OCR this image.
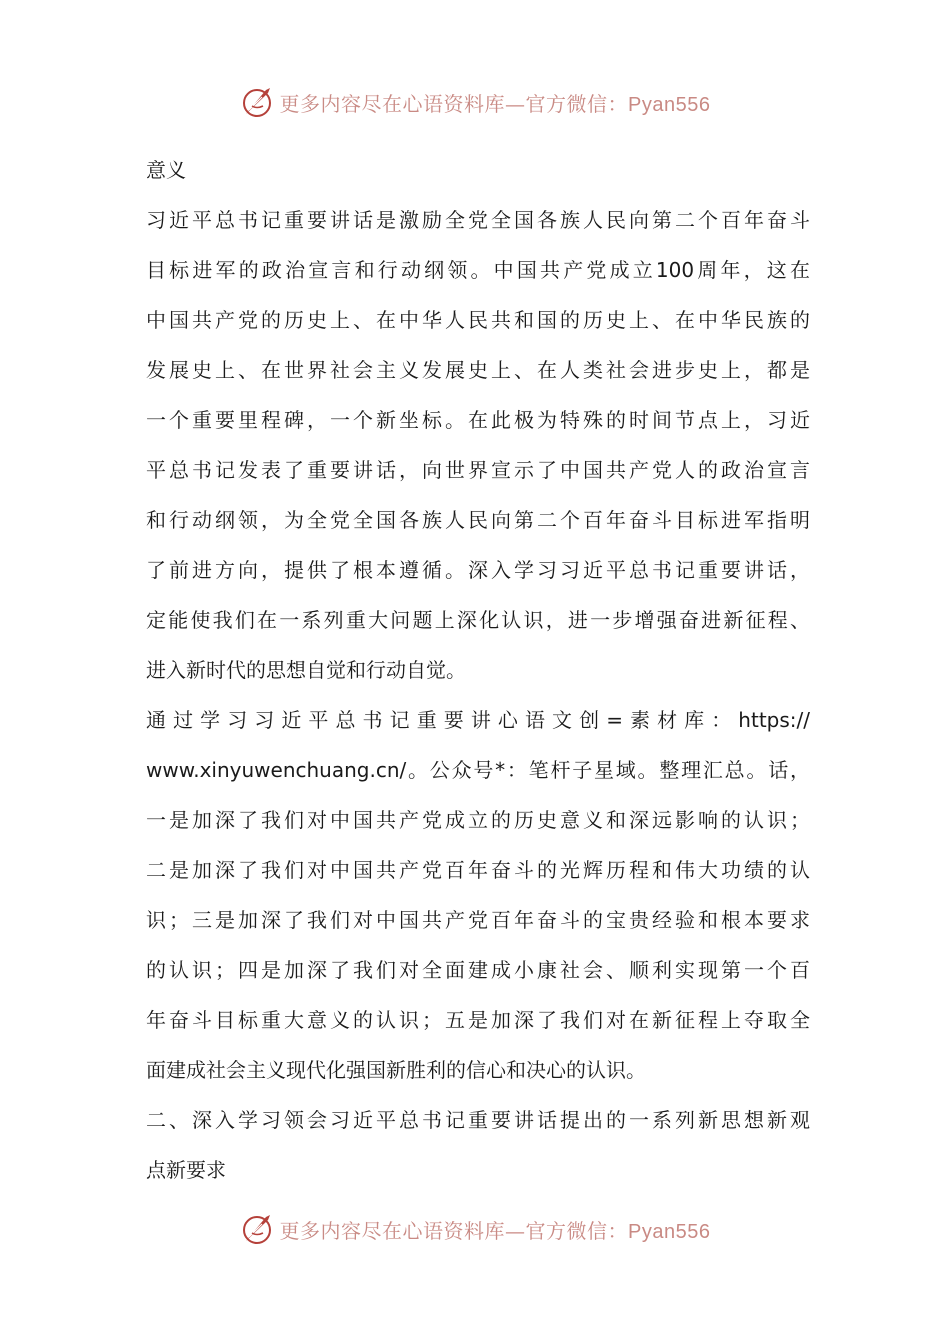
更多内容尽在心语资料库—官方微信：Pyan556
意义
习近平总书记重要讲话是激励全党全国各族人民向第二个百年奋斗
目标进军的政治宣言和行动纲领。中国共产党成立100周年，这在
中国共产党的历史上、在中华人民共和国的历史上、在中华民族的
发展史上、在世界社会主义发展史上、在人类社会进步史上，都是
一个重要里程碑，一个新坐标。在此极为特殊的时间节点上，习近
平总书记发表了重要讲话，向世界宣示了中国共产党人的政治宣言
和行动纲领，为全党全国各族人民向第二个百年奋斗目标进军指明
了前进方向，提供了根本遵循。深入学习习近平总书记重要讲话，
定能使我们在一系列重大问题上深化认识，进一步增强奋进新征程、
进入新时代的思想自觉和行动自觉。
通过学习习近平总书记重要讲心语文创=素材库：https://
www.xinyuwenchuang.cn/。公众号*：笔杆子星域。整理汇总。话，
一是加深了我们对中国共产党成立的历史意义和深远影响的认识；
二是加深了我们对中国共产党百年奋斗的光辉历程和伟大功绩的认
识；三是加深了我们对中国共产党百年奋斗的宝贵经验和根本要求
的认识；四是加深了我们对全面建成小康社会、顺利实现第一个百
年奋斗目标重大意义的认识；五是加深了我们对在新征程上夺取全
面建成社会主义现代化强国新胜利的信心和决心的认识。
二、深入学习领会习近平总书记重要讲话提出的一系列新思想新观
点新要求
更多内容尽在心语资料库—官方微信：Pyan556
